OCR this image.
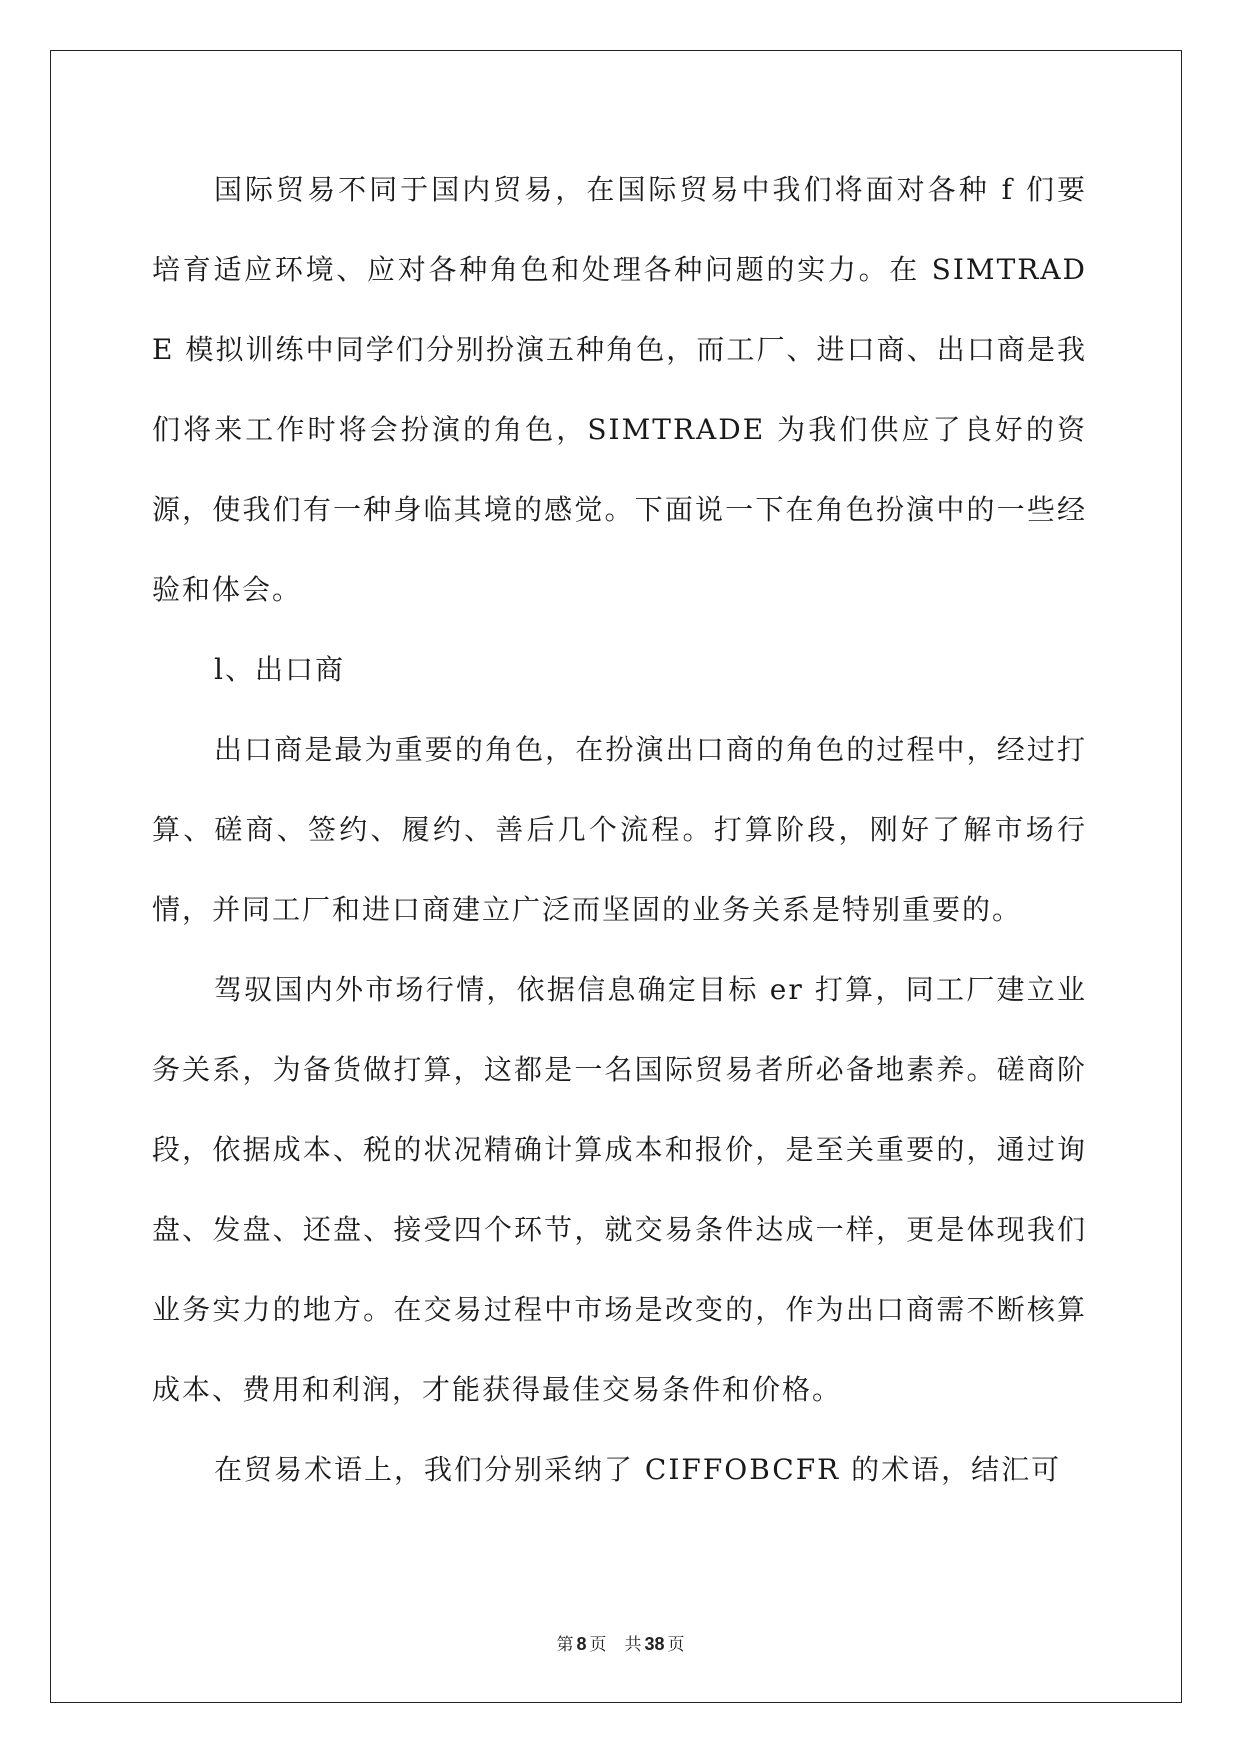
国际贸易不同于国内贸易，在国际贸易中我们将面对各种 f 们要培育适应环境、应对各种角色和处理各种问题的实力。在 SIMTRADE 模拟训练中同学们分别扮演五种角色，而工厂、进口商、出口商是我们将来工作时将会扮演的角色，SIMTRADE 为我们供应了良好的资源，使我们有一种身临其境的感觉。下面说一下在角色扮演中的一些经验和体会。

l、出口商

出口商是最为重要的角色，在扮演出口商的角色的过程中，经过打算、磋商、签约、履约、善后几个流程。打算阶段，刚好了解市场行情，并同工厂和进口商建立广泛而坚固的业务关系是特别重要的。

驾驭国内外市场行情，依据信息确定目标 er 打算，同工厂建立业务关系，为备货做打算，这都是一名国际贸易者所必备地素养。磋商阶段，依据成本、税的状况精确计算成本和报价，是至关重要的，通过询盘、发盘、还盘、接受四个环节，就交易条件达成一样，更是体现我们业务实力的地方。在交易过程中市场是改变的，作为出口商需不断核算成本、费用和利润，才能获得最佳交易条件和价格。

在贸易术语上，我们分别采纳了 CIFFOBCFR 的术语，结汇可

第 8 页 共 38 页
